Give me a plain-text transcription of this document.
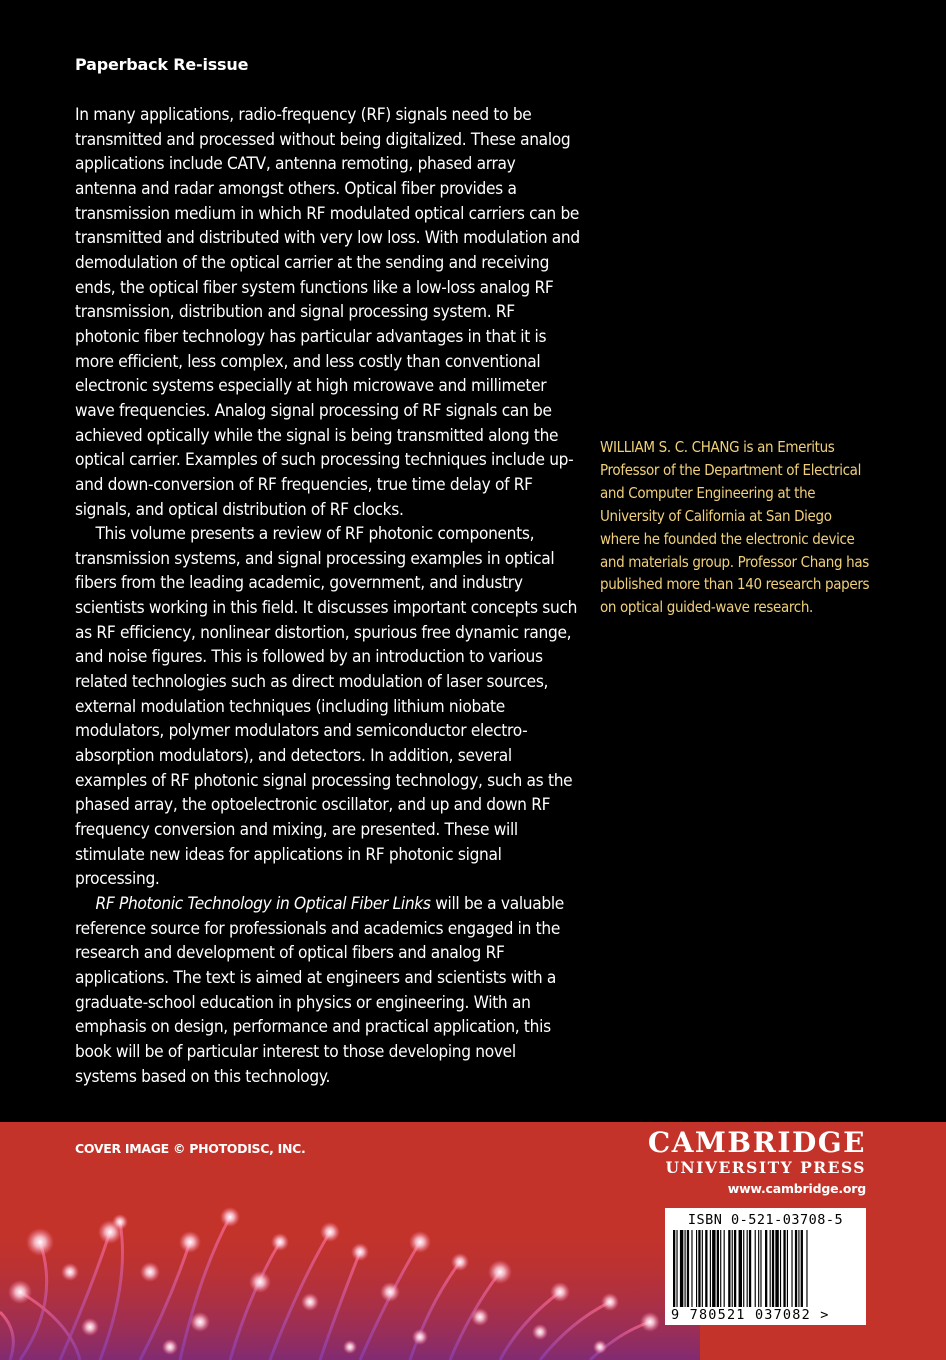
Paperback Re-issue

In many applications, radio-frequency (RF) signals need to be transmitted and processed without being digitalized. These analog applications include CATV, antenna remoting, phased array antenna and radar amongst others. Optical fiber provides a transmission medium in which RF modulated optical carriers can be transmitted and distributed with very low loss. With modulation and demodulation of the optical carrier at the sending and receiving ends, the optical fiber system functions like a low-loss analog RF transmission, distribution and signal processing system. RF photonic fiber technology has particular advantages in that it is more efficient, less complex, and less costly than conventional electronic systems especially at high microwave and millimeter wave frequencies. Analog signal processing of RF signals can be achieved optically while the signal is being transmitted along the optical carrier. Examples of such processing techniques include up- and down-conversion of RF frequencies, true time delay of RF signals, and optical distribution of RF clocks.

This volume presents a review of RF photonic components, transmission systems, and signal processing examples in optical fibers from the leading academic, government, and industry scientists working in this field. It discusses important concepts such as RF efficiency, nonlinear distortion, spurious free dynamic range, and noise figures. This is followed by an introduction to various related technologies such as direct modulation of laser sources, external modulation techniques (including lithium niobate modulators, polymer modulators and semiconductor electro-absorption modulators), and detectors. In addition, several examples of RF photonic signal processing technology, such as the phased array, the optoelectronic oscillator, and up and down RF frequency conversion and mixing, are presented. These will stimulate new ideas for applications in RF photonic signal processing.

RF Photonic Technology in Optical Fiber Links will be a valuable reference source for professionals and academics engaged in the research and development of optical fibers and analog RF applications. The text is aimed at engineers and scientists with a graduate-school education in physics or engineering. With an emphasis on design, performance and practical application, this book will be of particular interest to those developing novel systems based on this technology.

WILLIAM S. C. CHANG is an Emeritus Professor of the Department of Electrical and Computer Engineering at the University of California at San Diego where he founded the electronic device and materials group. Professor Chang has published more than 140 research papers on optical guided-wave research.
COVER IMAGE © PHOTODISC, INC.	CAMBRIDGE
UNIVERSITY PRESS
www.cambridge.org
ISBN 0-521-03708-5
9 780521 037082 >
